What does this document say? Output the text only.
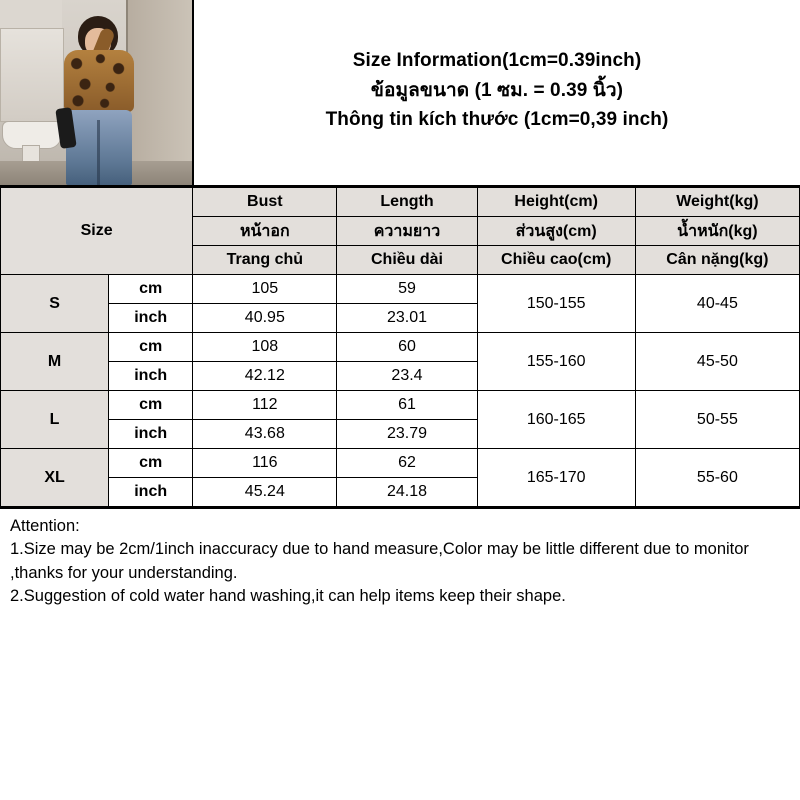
Size Information(1cm=0.39inch)
ข้อมูลขนาด (1 ซม. = 0.39 นิ้ว)
Thông tin kích thước (1cm=0,39 inch)
Size		Bust	Length	Height(cm)	Weight(kg)
		หน้าอก	ความยาว	ส่วนสูง(cm)	น้ำหนัก(kg)
		Trang chủ	Chiều dài	Chiều cao(cm)	Cân nặng(kg)
S	cm	105	59	150-155	40-45
	inch	40.95	23.01		
M	cm	108	60	155-160	45-50
	inch	42.12	23.4		
L	cm	112	61	160-165	50-55
	inch	43.68	23.79		
XL	cm	116	62	165-170	55-60
	inch	45.24	24.18		
Attention:
1.Size may be 2cm/1inch inaccuracy due to hand measure,Color may be little different due to monitor ,thanks for your understanding.
2.Suggestion of cold water hand washing,it can help items keep their shape.
